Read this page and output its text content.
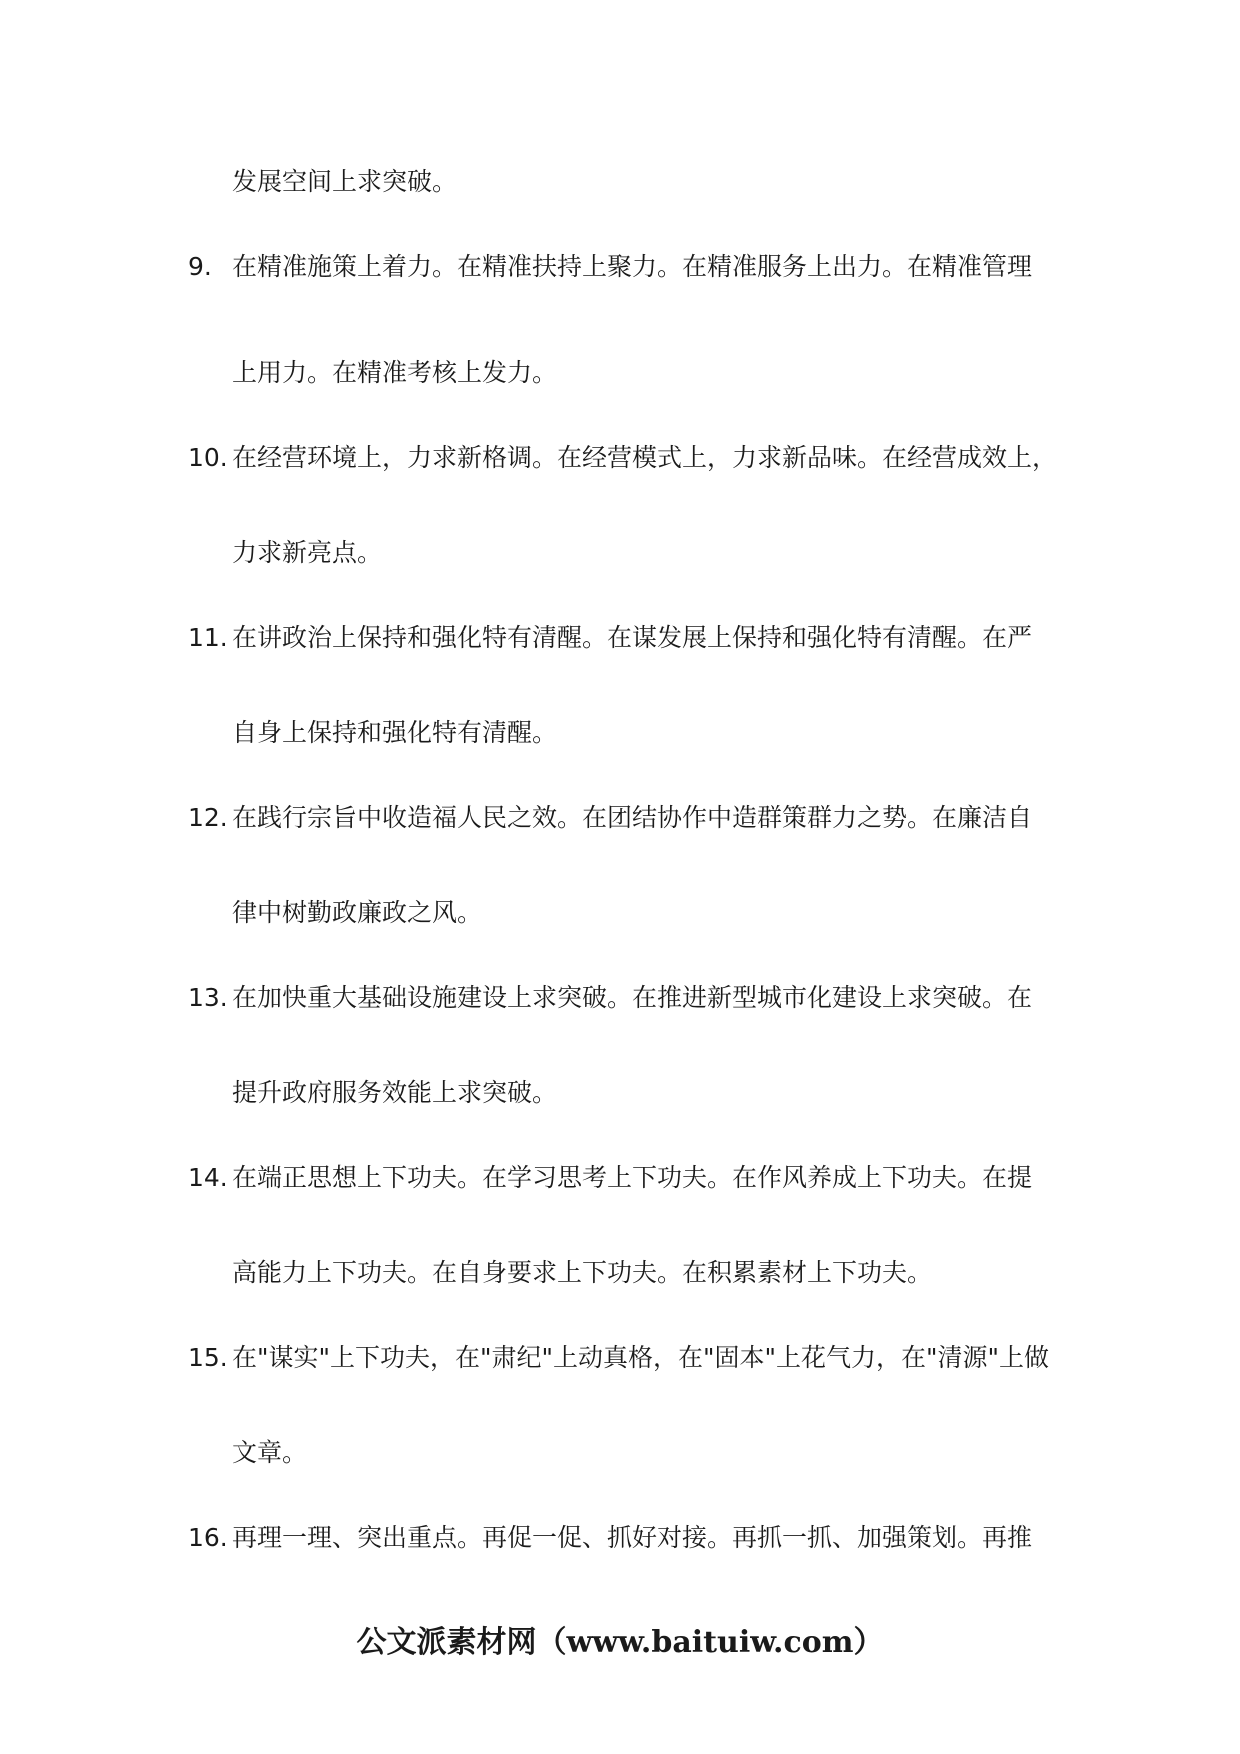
发展空间上求突破。
9. 在精准施策上着力。在精准扶持上聚力。在精准服务上出力。在精准管理
上用力。在精准考核上发力。
10. 在经营环境上，力求新格调。在经营模式上，力求新品味。在经营成效上，
力求新亮点。
11. 在讲政治上保持和强化特有清醒。在谋发展上保持和强化特有清醒。在严
自身上保持和强化特有清醒。
12. 在践行宗旨中收造福人民之效。在团结协作中造群策群力之势。在廉洁自
律中树勤政廉政之风。
13. 在加快重大基础设施建设上求突破。在推进新型城市化建设上求突破。在
提升政府服务效能上求突破。
14. 在端正思想上下功夫。在学习思考上下功夫。在作风养成上下功夫。在提
高能力上下功夫。在自身要求上下功夫。在积累素材上下功夫。
15. 在"谋实"上下功夫，在"肃纪"上动真格，在"固本"上花气力，在"清源"上做
文章。
16. 再理一理、突出重点。再促一促、抓好对接。再抓一抓、加强策划。再推
公文派素材网（www.baituiw.com）
